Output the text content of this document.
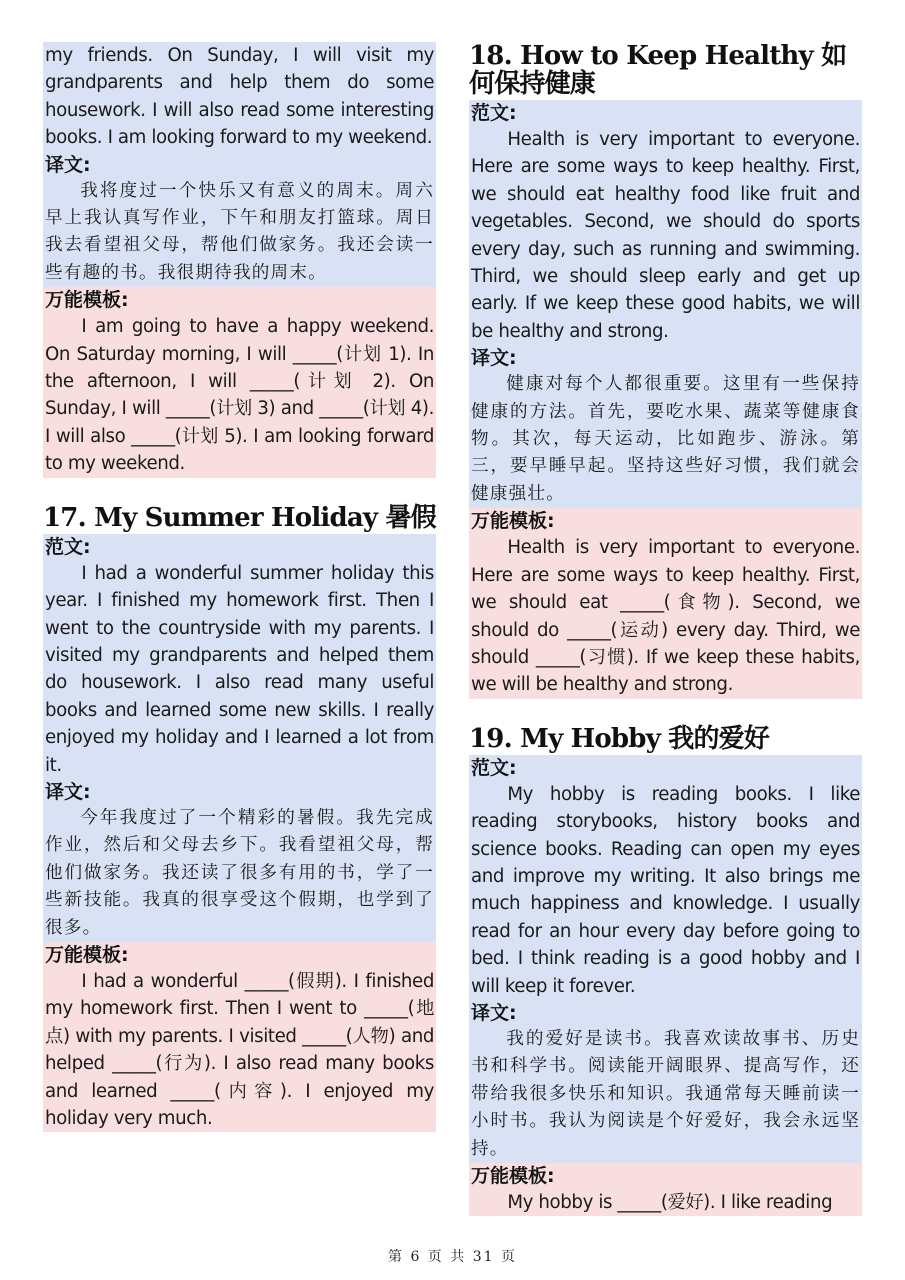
my friends. On Sunday, I will visit my grandparents and help them do some housework. I will also read some interesting books. I am looking forward to my weekend.

译文:

我将度过一个快乐又有意义的周末。周六早上我认真写作业，下午和朋友打篮球。周日我去看望祖父母，帮他们做家务。我还会读一些有趣的书。我很期待我的周末。

万能模板:

I am going to have a happy weekend. On Saturday morning, I will _____(计划 1). In the afternoon, I will _____(计划 2). On Sunday, I will _____(计划 3) and _____(计划 4). I will also _____(计划 5). I am looking forward to my weekend.

17. My Summer Holiday 暑假
范文:

I had a wonderful summer holiday this year. I finished my homework first. Then I went to the countryside with my parents. I visited my grandparents and helped them do housework. I also read many useful books and learned some new skills. I really enjoyed my holiday and I learned a lot from it.

译文:

今年我度过了一个精彩的暑假。我先完成作业，然后和父母去乡下。我看望祖父母，帮他们做家务。我还读了很多有用的书，学了一些新技能。我真的很享受这个假期，也学到了很多。

万能模板:

I had a wonderful _____(假期). I finished my homework first. Then I went to _____(地点) with my parents. I visited _____(人物) and helped _____(行为). I also read many books and learned _____(内容). I enjoyed my holiday very much.

18. How to Keep Healthy 如何保持健康
范文:

Health is very important to everyone. Here are some ways to keep healthy. First, we should eat healthy food like fruit and vegetables. Second, we should do sports every day, such as running and swimming. Third, we should sleep early and get up early. If we keep these good habits, we will be healthy and strong.

译文:

健康对每个人都很重要。这里有一些保持健康的方法。首先，要吃水果、蔬菜等健康食物。其次，每天运动，比如跑步、游泳。第三，要早睡早起。坚持这些好习惯，我们就会健康强壮。

万能模板:

Health is very important to everyone. Here are some ways to keep healthy. First, we should eat _____(食物). Second, we should do _____(运动) every day. Third, we should _____(习惯). If we keep these habits, we will be healthy and strong.

19. My Hobby 我的爱好
范文:

My hobby is reading books. I like reading storybooks, history books and science books. Reading can open my eyes and improve my writing. It also brings me much happiness and knowledge. I usually read for an hour every day before going to bed. I think reading is a good hobby and I will keep it forever.

译文:

我的爱好是读书。我喜欢读故事书、历史书和科学书。阅读能开阔眼界、提高写作，还带给我很多快乐和知识。我通常每天睡前读一小时书。我认为阅读是个好爱好，我会永远坚持。

万能模板:

My hobby is _____(爱好). I like reading

第 6 页 共 31 页
